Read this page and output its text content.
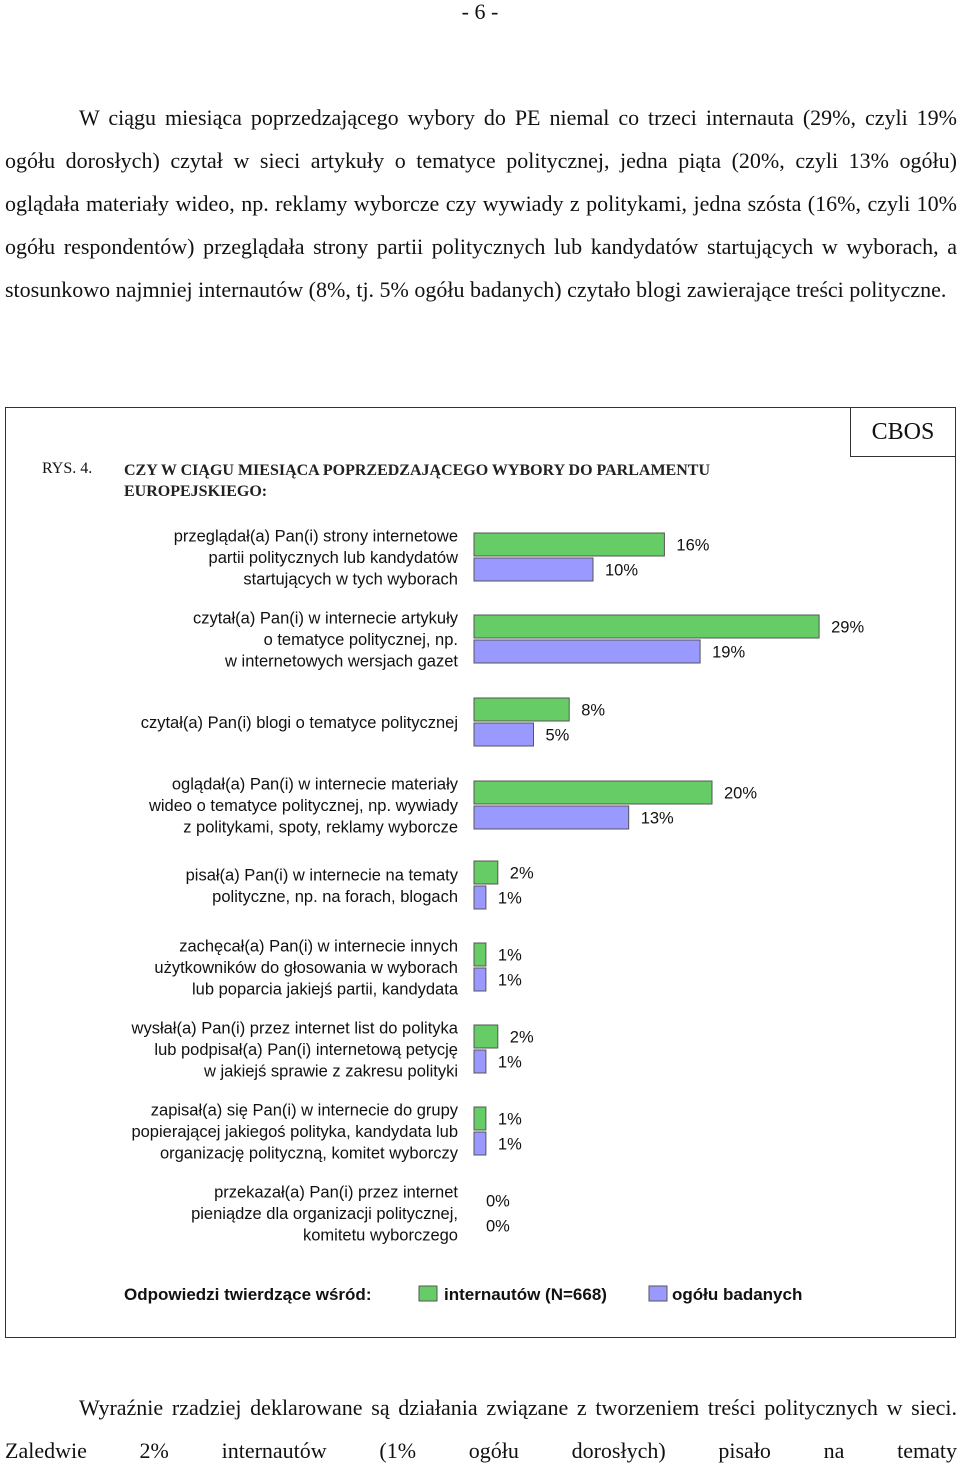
- 6 -

W ciągu miesiąca poprzedzającego wybory do PE niemal co trzeci internauta (29%, czyli 19% ogółu dorosłych) czytał w sieci artykuły o tematyce politycznej, jedna piąta (20%, czyli 13% ogółu) oglądała materiały wideo, np. reklamy wyborcze czy wywiady z politykami, jedna szósta (16%, czyli 10% ogółu respondentów) przeglądała strony partii politycznych lub kandydatów startujących w wyborach, a stosunkowo najmniej internautów (8%, tj. 5% ogółu badanych) czytało blogi zawierające treści polityczne.

CBOS
RYS. 4. CZY W CIĄGU MIESIĄCA POPRZEDZAJĄCEGO WYBORY DO PARLAMENTU EUROPEJSKIEGO:
przeglądał(a) Pan(i) strony internetowe
partii politycznych lub kandydatów
startujących w tych wyborach
16%
10%
czytał(a) Pan(i) w internecie artykuły
o tematyce politycznej, np.
w internetowych wersjach gazet
29%
19%
czytał(a) Pan(i) blogi o tematyce politycznej
8%
5%
oglądał(a) Pan(i) w internecie materiały
wideo o tematyce politycznej, np. wywiady
z politykami, spoty, reklamy wyborcze
20%
13%
pisał(a) Pan(i) w internecie na tematy
polityczne, np. na forach, blogach
2%
1%
zachęcał(a) Pan(i) w internecie innych
użytkowników do głosowania w wyborach
lub poparcia jakiejś partii, kandydata
1%
1%
wysłał(a) Pan(i) przez internet list do polityka
lub podpisał(a) Pan(i) internetową petycję
w jakiejś sprawie z zakresu polityki
2%
1%
zapisał(a) się Pan(i) w internecie do grupy
popierającej jakiegoś polityka, kandydata lub
organizację polityczną, komitet wyborczy
1%
1%
przekazał(a) Pan(i) przez internet
pieniądze dla organizacji politycznej,
komitetu wyborczego
0%
0%
Odpowiedzi twierdzące wśród:	internautów (N=668)	ogółu badanych

Wyraźnie rzadziej deklarowane są działania związane z tworzeniem treści politycznych w sieci. Zaledwie 2% internautów (1% ogółu dorosłych) pisało na tematy
